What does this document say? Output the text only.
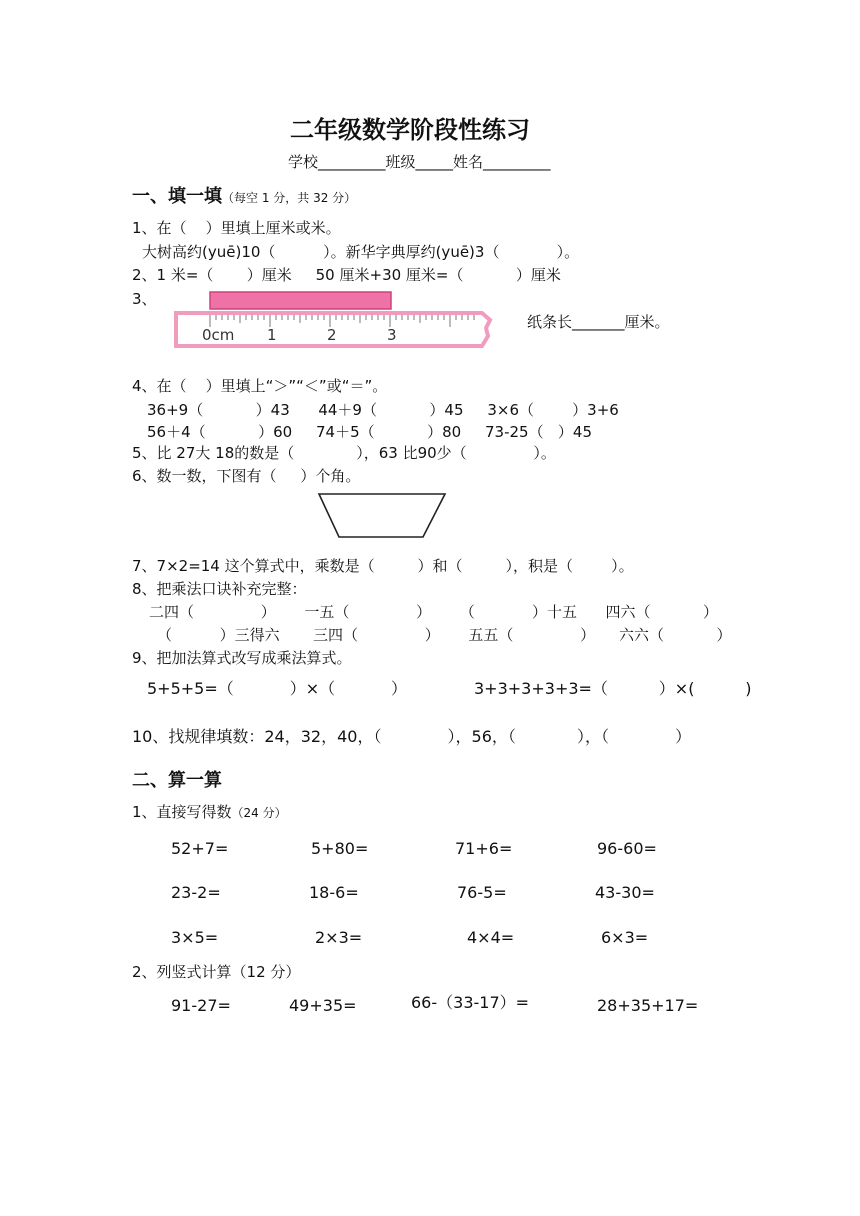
二年级数学阶段性练习
学校_________班级_____姓名_________
一、填一填（每空 1 分，共 32 分）
1、在（    ）里填上厘米或米。
大树高约(yuē)10（          ）。新华字典厚约(yuē)3（            ）。
2、1 米=（       ）厘米     50 厘米+30 厘米=（           ）厘米
3、
0cm 1	2	3
纸条长_______厘米。
4、在（    ）里填上“＞”“＜”或“＝”。
36+9（           ）43      44＋9（           ）45     3×6（        ）3+6
56＋4（           ）60     74＋5（           ）80     73-25（   ）45
5、比 27大 18的数是（             ），63 比90少（              ）。
6、数一数，下图有（     ）个角。
7、7×2=14 这个算式中，乘数是（         ）和（         ），积是（        ）。
8、把乘法口诀补充完整：
二四（              ）      一五（              ）      （            ）十五      四六（           ）
（          ）三得六       三四（              ）      五五（              ）     六六（           ）
9、把加法算式改写成乘法算式。
5+5+5=（           ）×（           ）	3+3+3+3+3=（          ）×(          )
10、找规律填数：24，32，40，（             ），56，（            ），（             ）
二、算一算
1、直接写得数（24 分）
52+7=	5+80=	71+6=	96-60=
23-2=	18-6=	76-5=	43-30=
3×5=	2×3=	4×4=	6×3=
2、列竖式计算（12 分）
91-27=	49+35=	66-（33-17）=	28+35+17=
